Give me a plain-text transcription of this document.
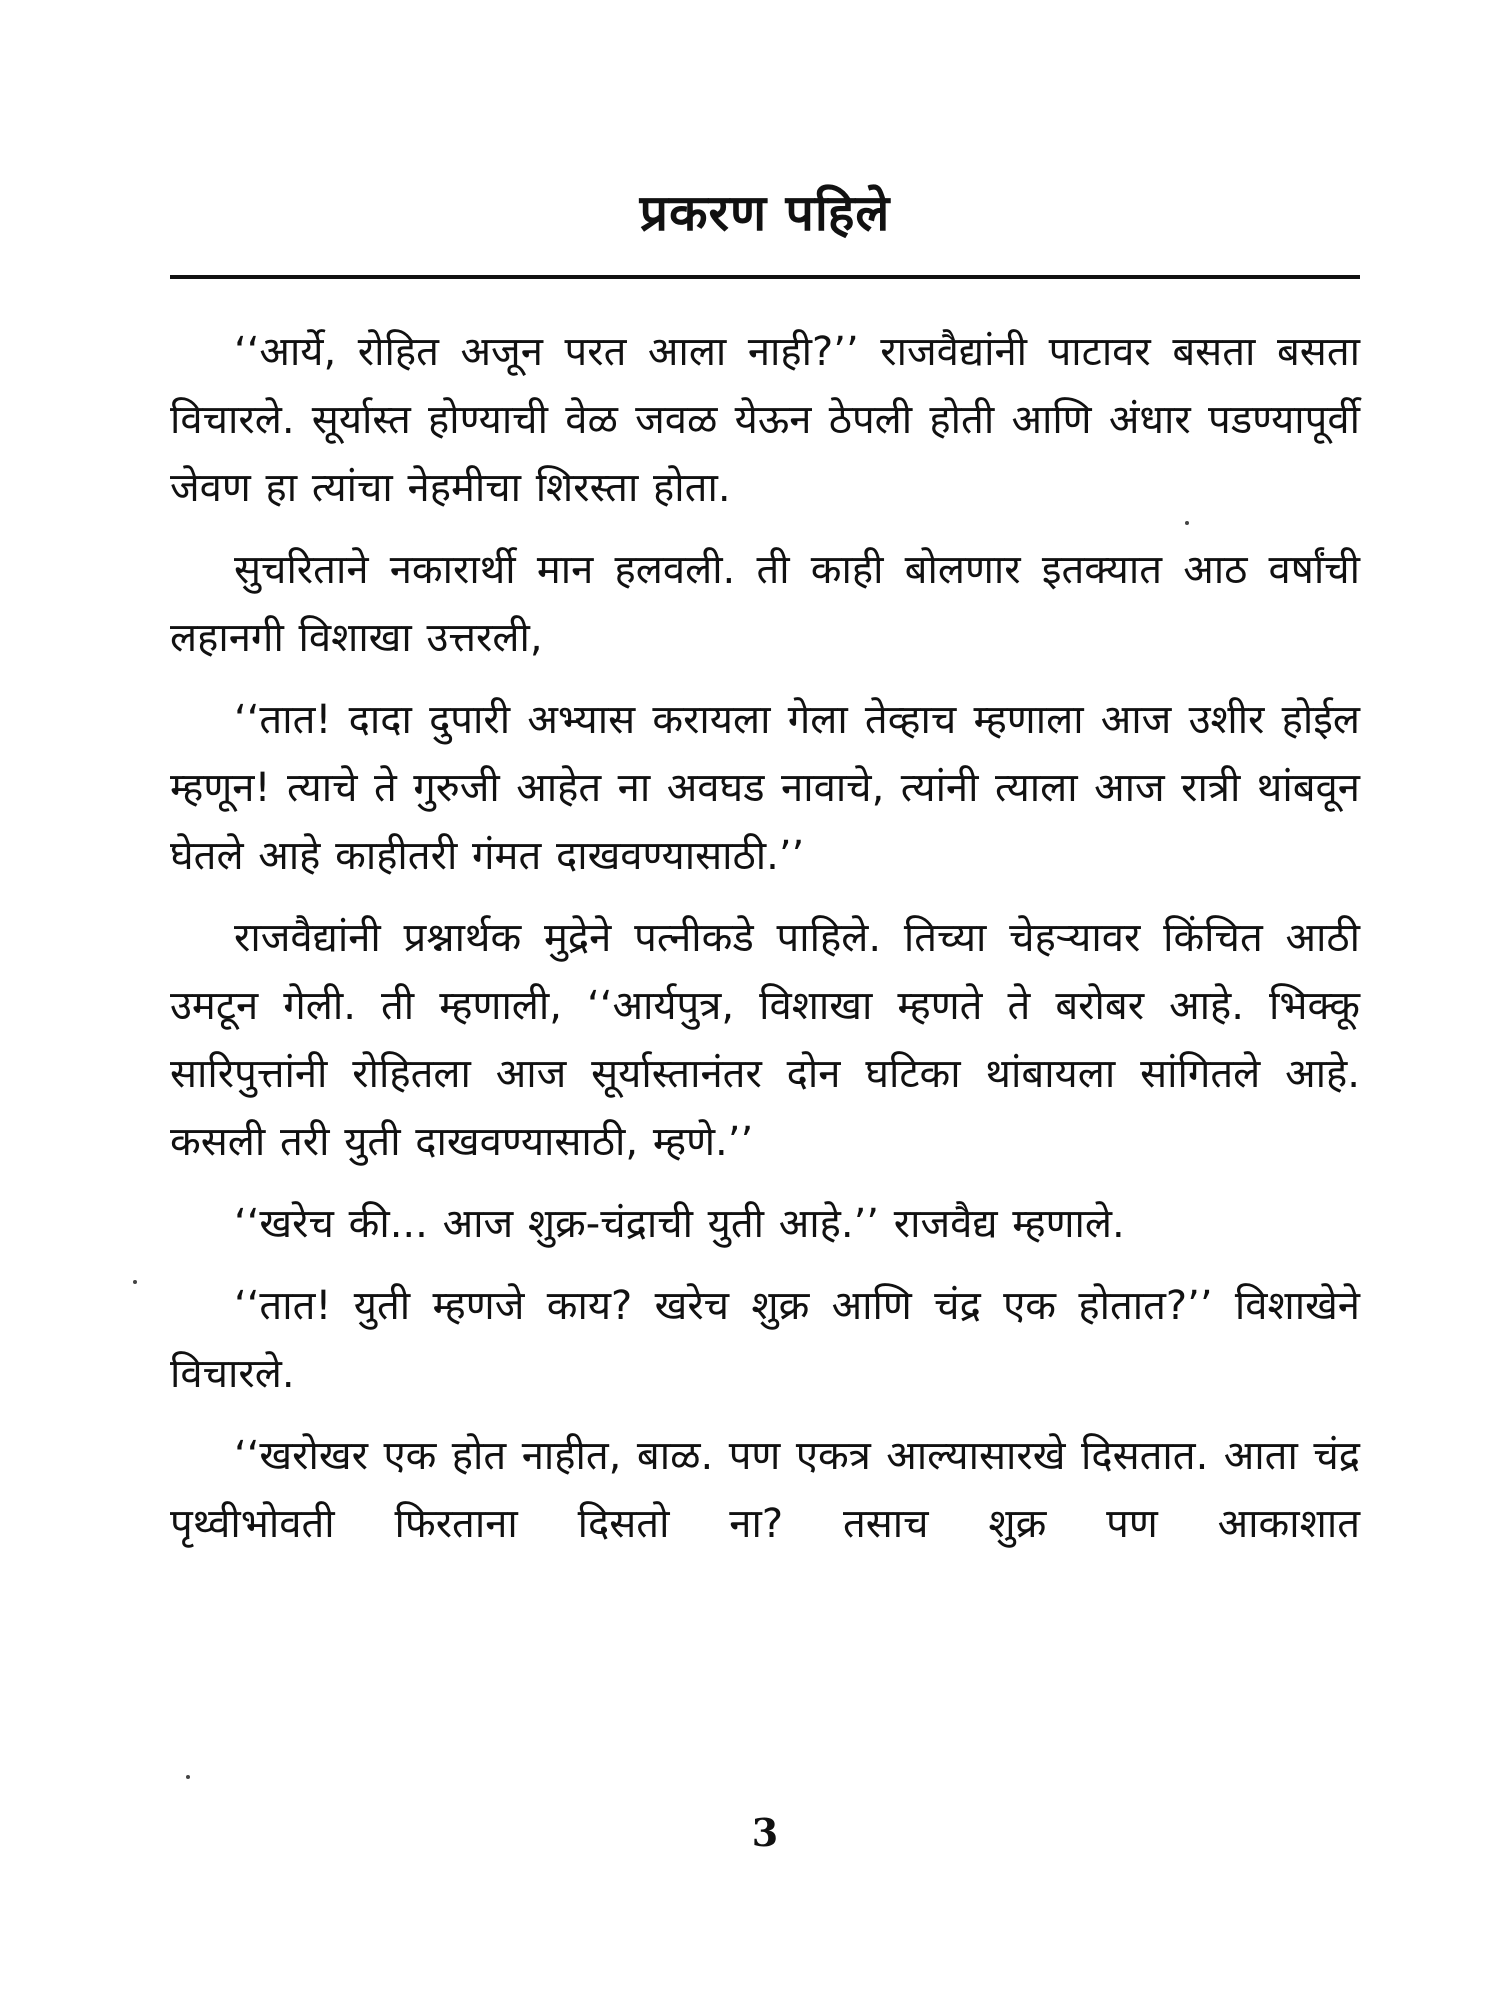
प्रकरण पहिले

‘‘आर्ये, रोहित अजून परत आला नाही?’’ राजवैद्यांनी पाटावर बसता बसता विचारले. सूर्यास्त होण्याची वेळ जवळ येऊन ठेपली होती आणि अंधार पडण्यापूर्वी जेवण हा त्यांचा नेहमीचा शिरस्ता होता.

सुचरिताने नकारार्थी मान हलवली. ती काही बोलणार इतक्यात आठ वर्षांची लहानगी विशाखा उत्तरली,

‘‘तात! दादा दुपारी अभ्यास करायला गेला तेव्हाच म्हणाला आज उशीर होईल म्हणून! त्याचे ते गुरुजी आहेत ना अवघड नावाचे, त्यांनी त्याला आज रात्री थांबवून घेतले आहे काहीतरी गंमत दाखवण्यासाठी.’’

राजवैद्यांनी प्रश्नार्थक मुद्रेने पत्नीकडे पाहिले. तिच्या चेहऱ्यावर किंचित आठी उमटून गेली. ती म्हणाली, ‘‘आर्यपुत्र, विशाखा म्हणते ते बरोबर आहे. भिक्कू सारिपुत्तांनी रोहितला आज सूर्यास्तानंतर दोन घटिका थांबायला सांगितले आहे. कसली तरी युती दाखवण्यासाठी, म्हणे.’’

‘‘खरेच की... आज शुक्र-चंद्राची युती आहे.’’ राजवैद्य म्हणाले.

‘‘तात! युती म्हणजे काय? खरेच शुक्र आणि चंद्र एक होतात?’’ विशाखेने विचारले.

‘‘खरोखर एक होत नाहीत, बाळ. पण एकत्र आल्यासारखे दिसतात. आता चंद्र पृथ्वीभोवती फिरताना दिसतो ना? तसाच शुक्र पण आकाशात

3
